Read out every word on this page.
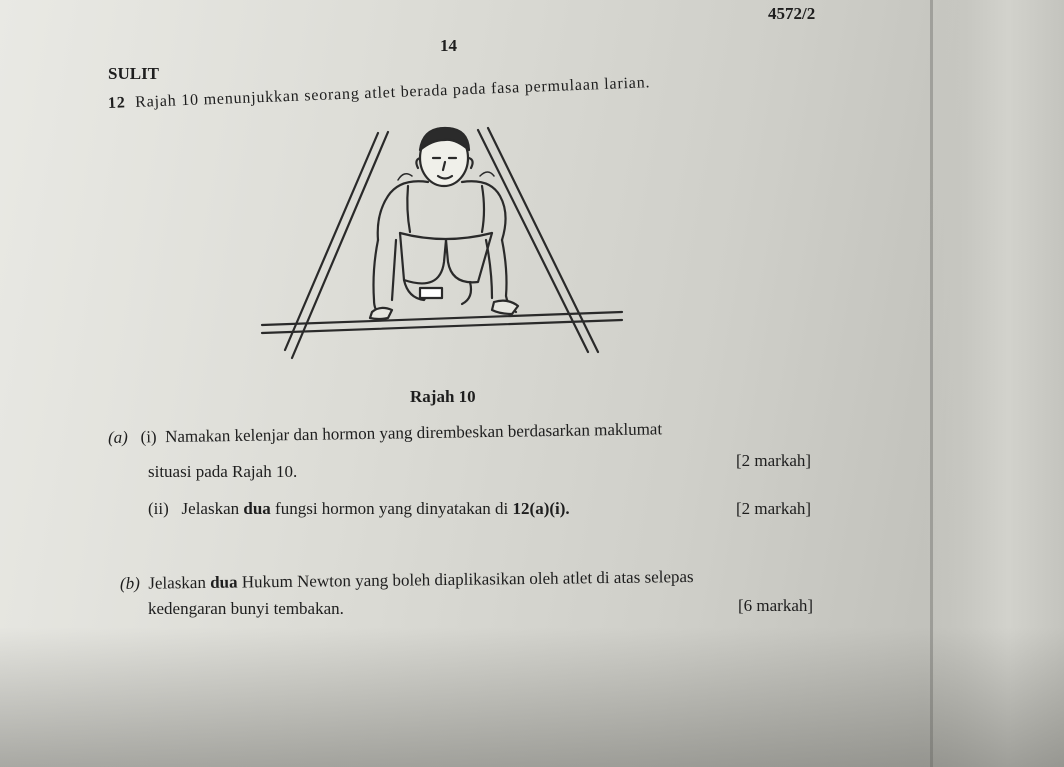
4572/2
14
SULIT
12 Rajah 10 menunjukkan seorang atlet berada pada fasa permulaan larian.
Rajah 10
(a) (i) Namakan kelenjar dan hormon yang dirembeskan berdasarkan maklumat
situasi pada Rajah 10.
[2 markah]
(ii) Jelaskan dua fungsi hormon yang dinyatakan di 12(a)(i).	[2 markah]
(b) Jelaskan dua Hukum Newton yang boleh diaplikasikan oleh atlet di atas selepas
kedengaran bunyi tembakan.	[6 markah]
